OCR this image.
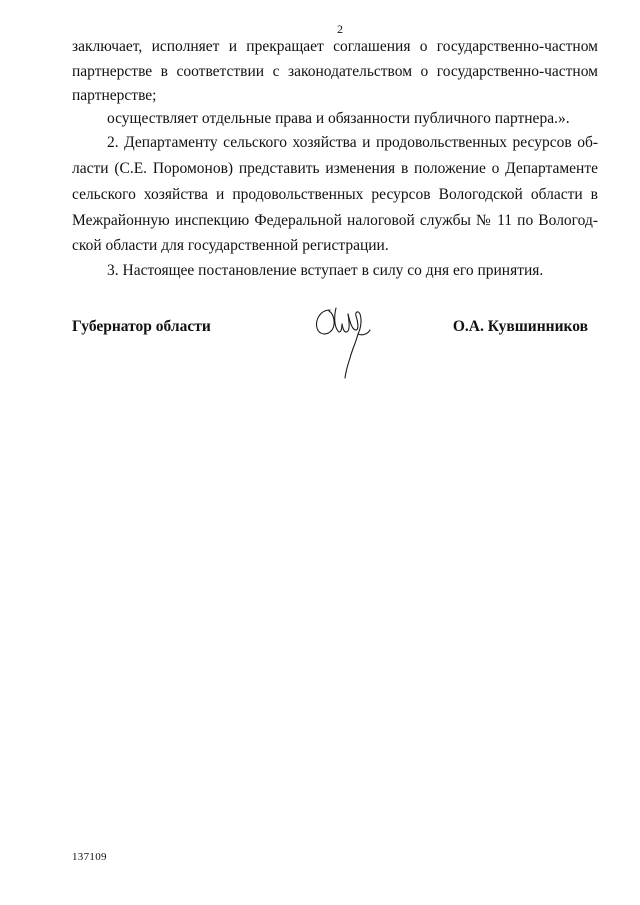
2
заключает, исполняет и прекращает соглашения о государственно-частном
партнерстве в соответствии с законодательством о государственно-частном
партнерстве;
осуществляет отдельные права и обязанности публичного партнера.».
2. Департаменту сельского хозяйства и продовольственных ресурсов об-
ласти (С.Е. Поромонов) представить изменения в положение о Департаменте
сельского хозяйства и продовольственных ресурсов Вологодской области в
Межрайонную инспекцию Федеральной налоговой службы № 11 по Вологод-
ской области для государственной регистрации.
3. Настоящее постановление вступает в силу со дня его принятия.
Губернатор области	О.А. Кувшинников
137109
